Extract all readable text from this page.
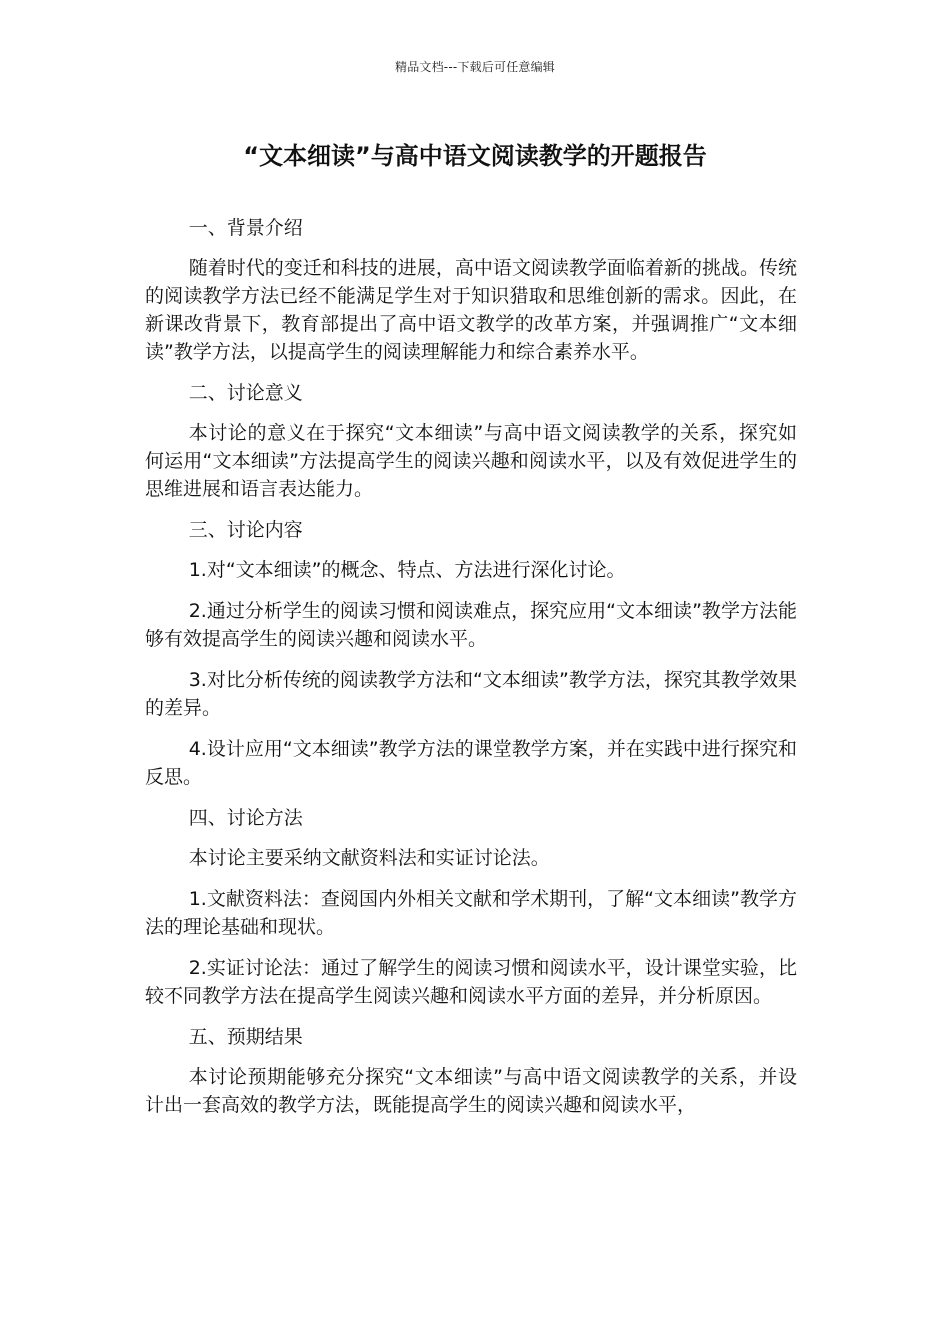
精品文档---下载后可任意编辑
“文本细读”与高中语文阅读教学的开题报告

一、背景介绍

随着时代的变迁和科技的进展，高中语文阅读教学面临着新的挑战。传统的阅读教学方法已经不能满足学生对于知识猎取和思维创新的需求。因此，在新课改背景下，教育部提出了高中语文教学的改革方案，并强调推广“文本细读”教学方法，以提高学生的阅读理解能力和综合素养水平。

二、讨论意义

本讨论的意义在于探究“文本细读”与高中语文阅读教学的关系，探究如何运用“文本细读”方法提高学生的阅读兴趣和阅读水平，以及有效促进学生的思维进展和语言表达能力。

三、讨论内容

1.对“文本细读”的概念、特点、方法进行深化讨论。

2.通过分析学生的阅读习惯和阅读难点，探究应用“文本细读”教学方法能够有效提高学生的阅读兴趣和阅读水平。

3.对比分析传统的阅读教学方法和“文本细读”教学方法，探究其教学效果的差异。

4.设计应用“文本细读”教学方法的课堂教学方案，并在实践中进行探究和反思。

四、讨论方法

本讨论主要采纳文献资料法和实证讨论法。

1.文献资料法：查阅国内外相关文献和学术期刊，了解“文本细读”教学方法的理论基础和现状。

2.实证讨论法：通过了解学生的阅读习惯和阅读水平，设计课堂实验，比较不同教学方法在提高学生阅读兴趣和阅读水平方面的差异，并分析原因。

五、预期结果

本讨论预期能够充分探究“文本细读”与高中语文阅读教学的关系，并设计出一套高效的教学方法，既能提高学生的阅读兴趣和阅读水平，
